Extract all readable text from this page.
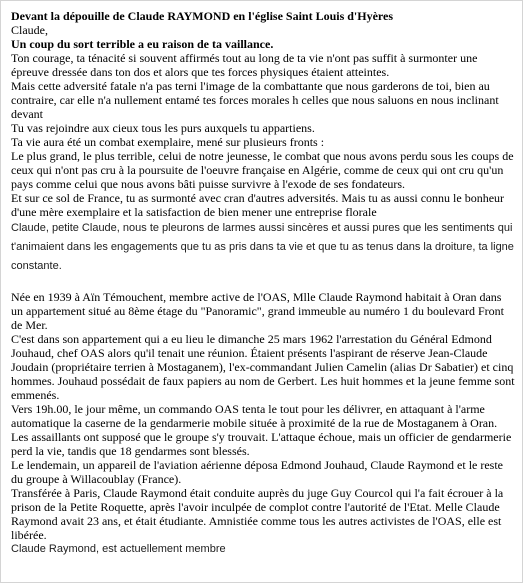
Devant la dépouille de Claude RAYMOND en l'église Saint Louis d'Hyères

Claude,

Un coup du sort terrible a eu raison de ta vaillance.

Ton courage, ta ténacité si souvent affirmés tout au long de ta vie n'ont pas suffit à surmonter une épreuve dressée dans ton dos et alors que tes forces physiques étaient atteintes.

Mais cette adversité fatale n'a pas terni l'image de la combattante que nous garderons de toi, bien au contraire, car elle n'a nullement entamé tes forces morales h celles que nous saluons en nous inclinant devant

Tu vas rejoindre aux cieux tous les purs auxquels tu appartiens.

Ta vie aura été un combat exemplaire, mené sur plusieurs fronts :

Le plus grand, le plus terrible, celui de notre jeunesse, le combat que nous avons perdu sous les coups de ceux qui n'ont pas cru à la poursuite de l'oeuvre française en Algérie, comme de ceux qui ont cru qu'un pays comme celui que nous avons bâti puisse survivre à l'exode de ses fondateurs.

Et sur ce sol de France, tu as surmonté avec cran d'autres adversités. Mais tu as aussi connu le bonheur d'une mère exemplaire et la satisfaction de bien mener une entreprise florale

Claude, petite Claude, nous te pleurons de larmes aussi sincères et aussi pures que les sentiments qui t'animaient dans les engagements que tu as pris dans ta vie et que tu as tenus dans la droiture, ta ligne constante.

Née en 1939 à Aïn Témouchent, membre active de l'OAS, Mlle Claude Raymond habitait à Oran dans un appartement situé au 8ème étage du "Panoramic", grand immeuble au numéro 1 du boulevard Front de Mer.

C'est dans son appartement qui a eu lieu le dimanche 25 mars 1962 l'arrestation du Général Edmond Jouhaud, chef OAS alors qu'il tenait une réunion. Étaient présents l'aspirant de réserve Jean-Claude Joudain (propriétaire terrien à Mostaganem), l'ex-commandant Julien Camelin (alias Dr Sabatier) et cinq hommes. Jouhaud possédait de faux papiers au nom de Gerbert. Les huit hommes et la jeune femme sont emmenés.

Vers 19h.00, le jour même, un commando OAS tenta le tout pour les délivrer, en attaquant à l'arme automatique la caserne de la gendarmerie mobile située à proximité de la rue de Mostaganem à Oran. Les assaillants ont supposé que le groupe s'y trouvait. L'attaque échoue, mais un officier de gendarmerie perd la vie, tandis que 18 gendarmes sont blessés.

Le lendemain, un appareil de l'aviation aérienne déposa Edmond Jouhaud, Claude Raymond et le reste du groupe à Willacoublay (France).

Transférée à Paris, Claude Raymond était conduite auprès du juge Guy Courcol qui l'a fait écrouer à la prison de la Petite Roquette, après l'avoir inculpée de complot contre l'autorité de l'Etat. Melle Claude Raymond avait 23 ans, et était étudiante. Amnistiée comme tous les autres activistes de l'OAS, elle est libérée.

Claude Raymond, est actuellement membre
